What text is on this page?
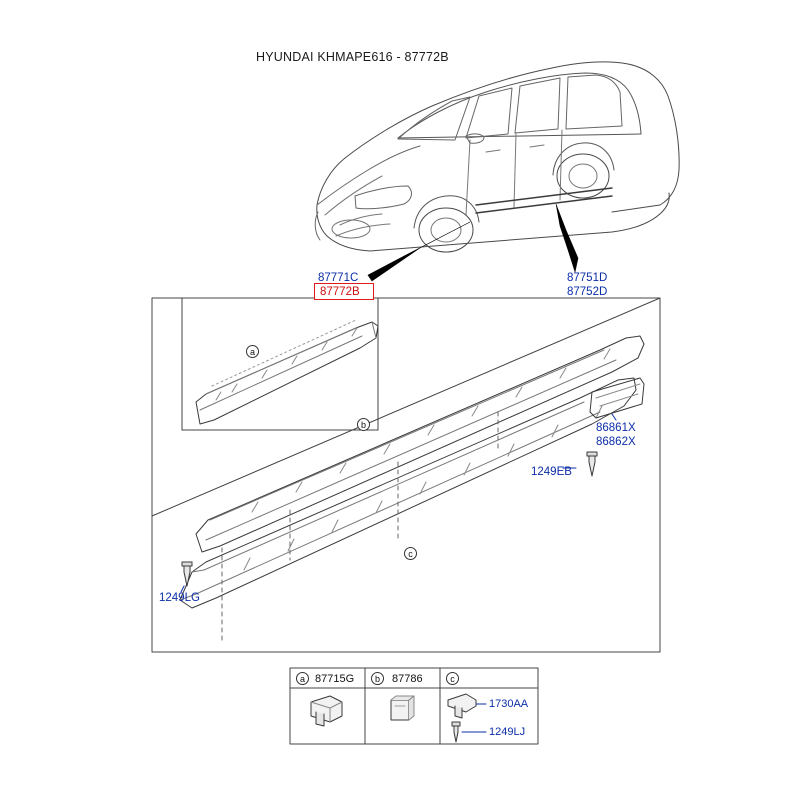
HYUNDAI KHMAPE616 - 87772B
87771C
87772B
87751D
87752D
86861X
86862X
1249EB
1249LG
a
b
c
a 87715G	b	87786	c
1730AA
1249LJ
